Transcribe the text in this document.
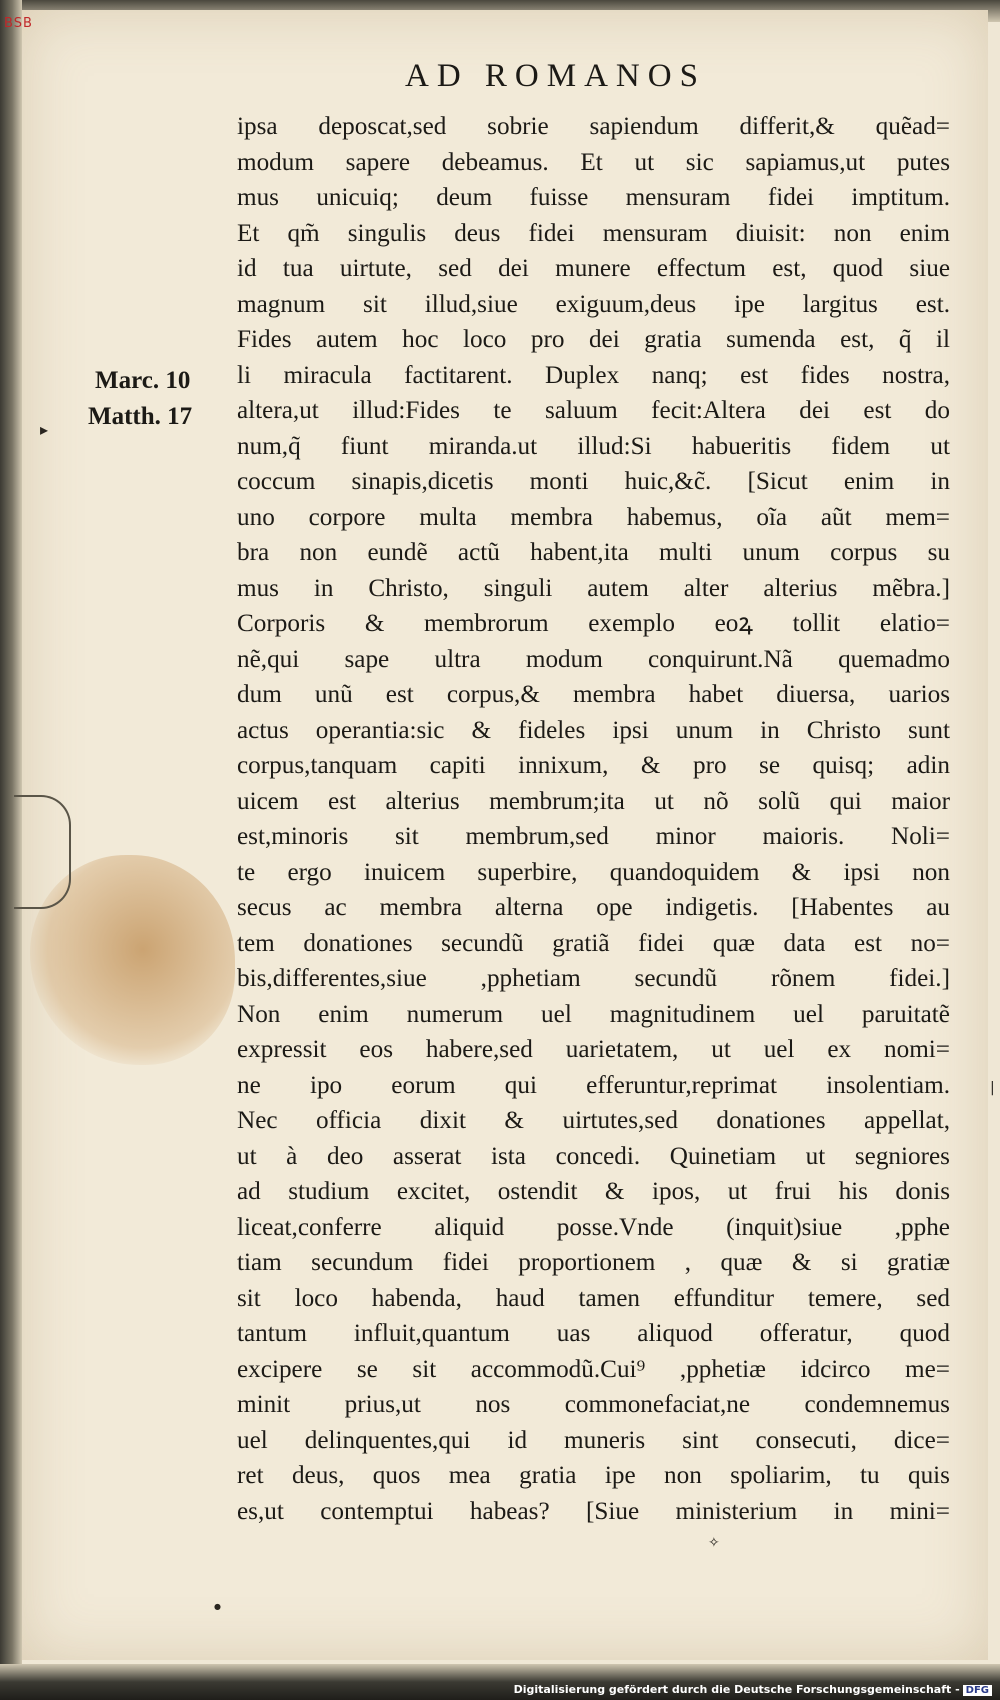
BSB
AD ROMANOS
Marc. 10
Matth. 17
▸
|
✧
●
ipsa deposcat,sed sobrie sapiendum differit,& quẽad=
modum sapere debeamus. Et ut sic sapiamus,ut putes
mus unicuiq; deum fuisse mensuram fidei imptitum.
Et qm̃ singulis deus fidei mensuram diuisit: non enim
id tua uirtute, sed dei munere effectum est, quod siue
magnum sit illud,siue exiguum,deus ipe largitus est.
Fides autem hoc loco pro dei gratia sumenda est, q̃ il
li miracula factitarent. Duplex nanq; est fides nostra,
altera,ut illud:Fides te saluum fecit:Altera dei est do
num,q̃ fiunt miranda.ut illud:Si habueritis fidem ut
coccum sinapis,dicetis monti huic,&c̃. [Sicut enim in
uno corpore multa membra habemus, oĩa aũt mem=
bra non eundẽ actũ habent,ita multi unum corpus su
mus in Christo, singuli autem alter alterius mẽbra.]
Corporis & membrorum exemplo eoꝝ tollit elatio=
nẽ,qui sape ultra modum conquirunt.Nã quemadmo
dum unũ est corpus,& membra habet diuersa, uarios
actus operantia:sic & fideles ipsi unum in Christo sunt
corpus,tanquam capiti innixum, & pro se quisq; adin
uicem est alterius membrum;ita ut nõ solũ qui maior
est,minoris sit membrum,sed minor maioris. Noli=
te ergo inuicem superbire, quandoquidem & ipsi non
secus ac membra alterna ope indigetis. [Habentes au
tem donationes secundũ gratiã fidei quæ data est no=
bis,differentes,siue ,pphetiam secundũ rõnem fidei.]
Non enim numerum uel magnitudinem uel paruitatẽ
expressit eos habere,sed uarietatem, ut uel ex nomi=
ne ipo eorum qui efferuntur,reprimat insolentiam.
Nec officia dixit & uirtutes,sed donationes appellat,
ut à deo asserat ista concedi. Quinetiam ut segniores
ad studium excitet, ostendit & ipos, ut frui his donis
liceat,conferre aliquid posse.Vnde (inquit)siue ,pphe
tiam secundum fidei proportionem , quæ & si gratiæ
sit loco habenda, haud tamen effunditur temere, sed
tantum influit,quantum uas aliquod offeratur, quod
excipere se sit accommodũ.Cui⁹ ,pphetiæ idcirco me=
minit prius,ut nos commonefaciat,ne condemnemus
uel delinquentes,qui id muneris sint consecuti, dice=
ret deus, quos mea gratia ipe non spoliarim, tu quis
es,ut contemptui habeas? [Siue ministerium in mini=
Digitalisierung gefördert durch die Deutsche Forschungsgemeinschaft - DFG
